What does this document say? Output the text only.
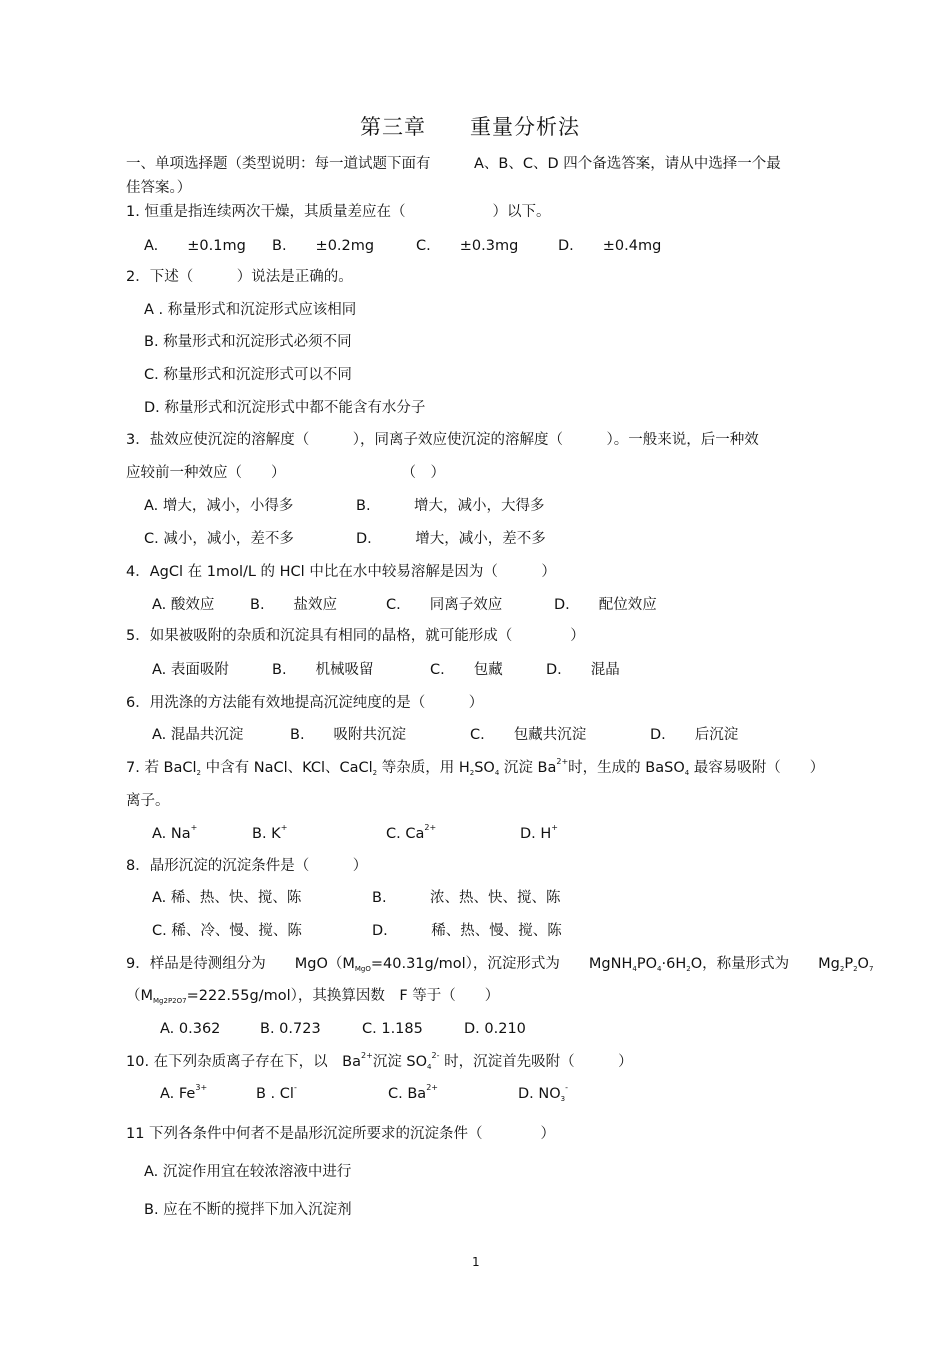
第三章　　重量分析法
一、单项选择题（类型说明：每一道试题下面有　　　A、B、C、D 四个备选答案，请从中选择一个最
佳答案。）
1. 恒重是指连续两次干燥，其质量差应在（　　　　　　）以下。
A.　　±0.1mg B.　　±0.2mg	C.　　±0.3mg	D.　　±0.4mg
2．下述（　　　）说法是正确的。
A . 称量形式和沉淀形式应该相同
B. 称量形式和沉淀形式必须不同
C. 称量形式和沉淀形式可以不同
D. 称量形式和沉淀形式中都不能含有水分子
3．盐效应使沉淀的溶解度（　　　），同离子效应使沉淀的溶解度（　　　）。一般来说，后一种效
应较前一种效应（　　）　　　　　　　　　（　）
A. 增大，减小，小得多	B.　　　增大，减小，大得多
C. 减小，减小，差不多	D.　　　增大，减小，差不多
4．AgCl 在 1mol/L 的 HCl 中比在水中较易溶解是因为（　　　）
A. 酸效应 B.　　盐效应	C.　　同离子效应	D.　　配位效应
5．如果被吸附的杂质和沉淀具有相同的晶格，就可能形成（　　　　）
A. 表面吸附	B.　　机械吸留	C.　　包藏	D.　　混晶
6．用洗涤的方法能有效地提高沉淀纯度的是（　　　）
A. 混晶共沉淀	B.　　吸附共沉淀	C.　　包藏共沉淀	D.　　后沉淀
7. 若 BaCl$_2$ 中含有 NaCl、KCl、CaCl$_2$ 等杂质，用 $H_2SO_4$ 沉淀 $Ba^{2+}$时，生成的 BaSO$_4$ 最容易吸附（　　）
离子。
A. Na+	B. K+	C. $Ca^{2+}$	D. H+
8．晶形沉淀的沉淀条件是（　　　）
A. 稀、热、快、搅、陈	B.　　　浓、热、快、搅、陈
C. 稀、冷、慢、搅、陈	D.　　　稀、热、慢、搅、陈
9．样品是待测组分为　　$MgO(M_{MgO}=40.31g/mol)$，沉淀形式为　　$MgNH_4PO_4\cdot 6H_2O$，称量形式为　　$Mg_2P_2O_7$
$(M_{Mg2P2O7}=222.55g/mol)$，其换算因数　F 等于（　　）
A. 0.362	B. 0.723	C. 1.185	D. 0.210
10. 在下列杂质离子存在下，以　$Ba^{2+}$沉淀 $SO_4^{2-}$ 时，沉淀首先吸附（　　　）
A. $Fe^{3+}$	B . Cl-	C. $Ba^{2+}$	D. $NO_3^-$
11 下列各条件中何者不是晶形沉淀所要求的沉淀条件（　　　　）
A. 沉淀作用宜在较浓溶液中进行
B. 应在不断的搅拌下加入沉淀剂
1
